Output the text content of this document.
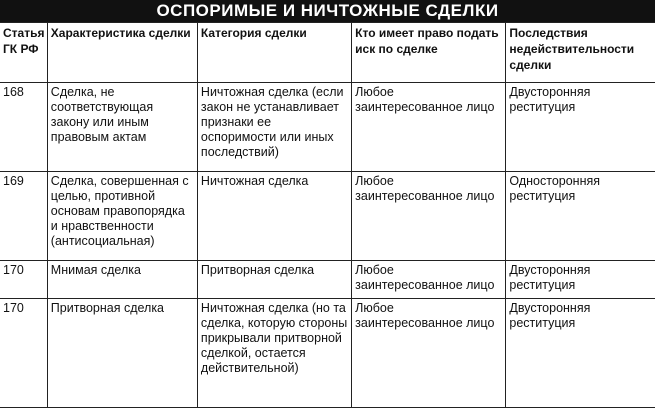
ОСПОРИМЫЕ И НИЧТОЖНЫЕ СДЕЛКИ
Статья ГК РФ	Характеристика сделки	Категория сделки	Кто имеет право подать иск по сделке	Последствия недействительности сделки
168	Сделка, не соответствующая закону или иным правовым актам	Ничтожная сделка (если закон не устанавливает признаки ее оспоримости или иных последствий)	Любое заинтересованное лицо	Двусторонняя реституция
169	Сделка, совершенная с целью, противной основам правопорядка и нравственности (антисоциальная)	Ничтожная сделка	Любое заинтересованное лицо	Односторонняя реституция
170	Мнимая сделка	Притворная сделка	Любое заинтересованное лицо	Двусторонняя реституция
170	Притворная сделка	Ничтожная сделка (но та сделка, которую стороны прикрывали притворной сделкой, остается действительной)	Любое заинтересованное лицо	Двусторонняя реституция
